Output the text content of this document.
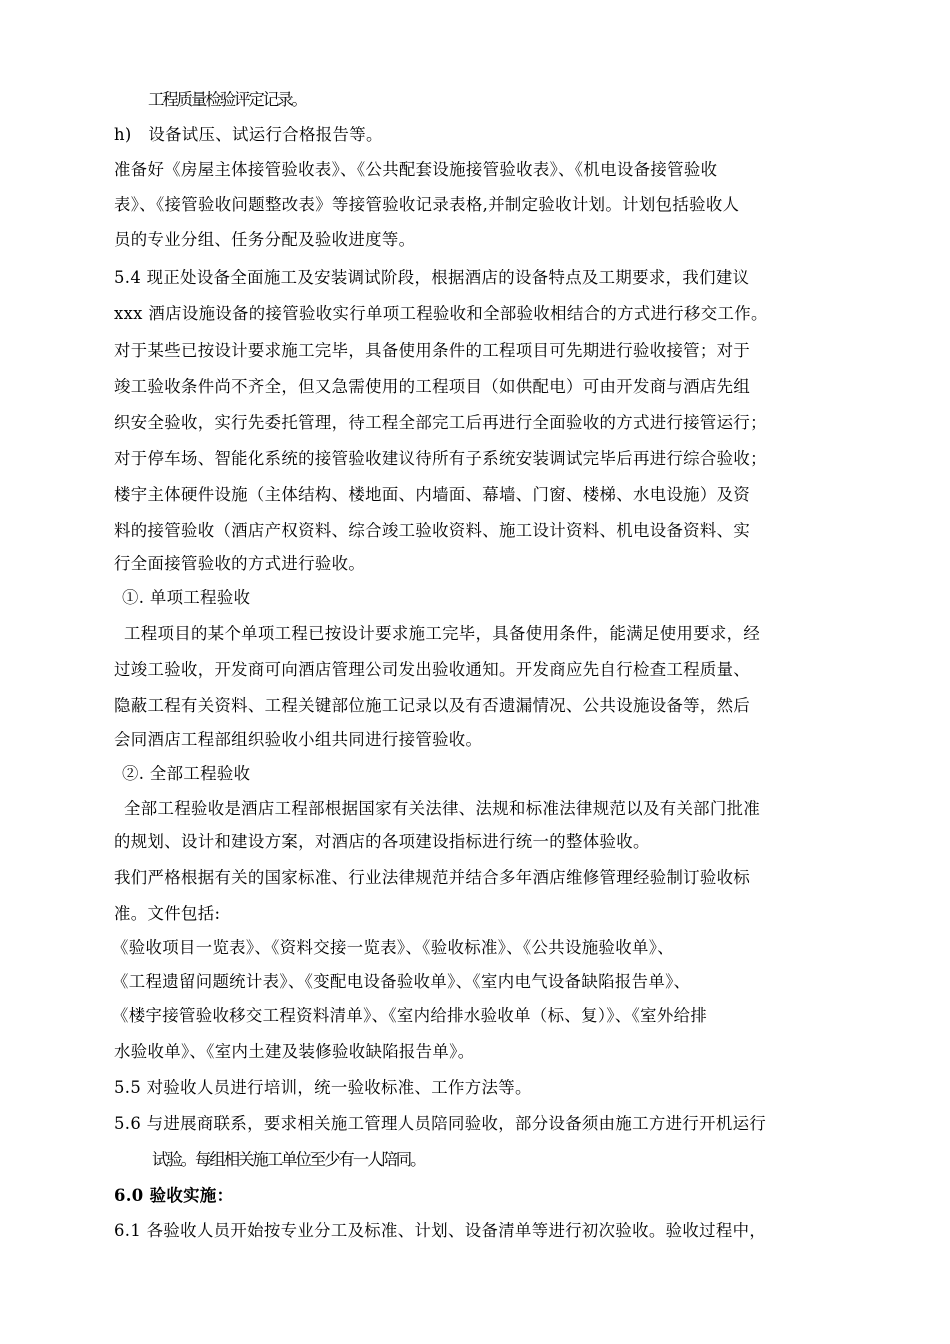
工程质量检验评定记录。
h)   设备试压、试运行合格报告等。
准备好《房屋主体接管验收表》、《公共配套设施接管验收表》、《机电设备接管验收
表》、《接管验收问题整改表》等接管验收记录表格,并制定验收计划。计划包括验收人
员的专业分组、任务分配及验收进度等。
5.4 现正处设备全面施工及安装调试阶段，根据酒店的设备特点及工期要求，我们建议
xxx 酒店设施设备的接管验收实行单项工程验收和全部验收相结合的方式进行移交工作。
对于某些已按设计要求施工完毕，具备使用条件的工程项目可先期进行验收接管；对于
竣工验收条件尚不齐全，但又急需使用的工程项目（如供配电）可由开发商与酒店先组
织安全验收，实行先委托管理，待工程全部完工后再进行全面验收的方式进行接管运行；
对于停车场、智能化系统的接管验收建议待所有子系统安装调试完毕后再进行综合验收；
楼宇主体硬件设施（主体结构、楼地面、内墙面、幕墙、门窗、楼梯、水电设施）及资
料的接管验收（酒店产权资料、综合竣工验收资料、施工设计资料、机电设备资料、实
行全面接管验收的方式进行验收。
①. 单项工程验收
工程项目的某个单项工程已按设计要求施工完毕，具备使用条件，能满足使用要求，经
过竣工验收，开发商可向酒店管理公司发出验收通知。开发商应先自行检查工程质量、
隐蔽工程有关资料、工程关键部位施工记录以及有否遗漏情况、公共设施设备等，然后
会同酒店工程部组织验收小组共同进行接管验收。
②. 全部工程验收
全部工程验收是酒店工程部根据国家有关法律、法规和标准法律规范以及有关部门批准
的规划、设计和建设方案，对酒店的各项建设指标进行统一的整体验收。
我们严格根据有关的国家标准、行业法律规范并结合多年酒店维修管理经验制订验收标
准。文件包括:
《验收项目一览表》、《资料交接一览表》、《验收标准》、《公共设施验收单》、
《工程遗留问题统计表》、《变配电设备验收单》、《室内电气设备缺陷报告单》、
《楼宇接管验收移交工程资料清单》、《室内给排水验收单（标、复）》、《室外给排
水验收单》、《室内土建及装修验收缺陷报告单》。
5.5 对验收人员进行培训，统一验收标准、工作方法等。
5.6 与进展商联系，要求相关施工管理人员陪同验收，部分设备须由施工方进行开机运行
试验。每组相关施工单位至少有一人陪同。
6.0 验收实施：
6.1 各验收人员开始按专业分工及标准、计划、设备清单等进行初次验收。验收过程中，
